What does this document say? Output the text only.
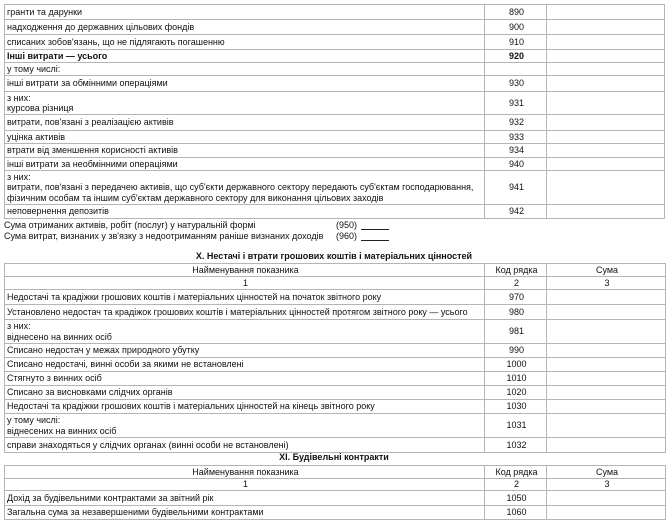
гранти та дарунки	890	
надходження до державних цільових фондів	900	
списаних зобов'язань, що не підлягають погашенню	910	
Інші витрати — усього	920	
у тому числі:		
інші витрати за обмінними операціями	930	

з них:
курсова різниця	931	
витрати, пов'язані з реалізацією активів	932	
уцінка активів	933	
втрати від зменшення корисності активів	934	
інші витрати за необмінними операціями	940	

з них:
витрати, пов'язані з передачею активів, що суб'єкти державного сектору передають суб'єктам господарювання,
фізичним особам та іншим суб'єктам державного сектору для виконання цільових заходів	941	
неповернення депозитів	942	
Сума отриманих активів, робіт (послуг) у натуральній формі	(950)
Сума витрат, визнаних у зв'язку з недоотриманням раніше визнаних доходів (960)
X. Нестачі і втрати грошових коштів і матеріальних цінностей
Найменування показника	Код рядка	Сума
1	2	3
Недостачі та крадіжки грошових коштів і матеріальних цінностей на початок звітного року	970	
Установлено недостач та крадіжок грошових коштів і матеріальних цінностей протягом звітного року — усього	980	

з них:
віднесено на винних осіб	981	
Списано недостач у межах природного убутку	990	
Списано недостачі, винні особи за якими не встановлені	1000	
Стягнуто з винних осіб	1010	
Списано за висновками слідчих органів	1020	
Недостачі та крадіжки грошових коштів і матеріальних цінностей на кінець звітного року	1030	

у тому числі:
віднесених на винних осіб	1031	
справи знаходяться у слідчих органах (винні особи не встановлені)	1032	
XI. Будівельні контракти
Найменування показника	Код рядка	Сума
1	2	3
Дохід за будівельними контрактами за звітний рік	1050	
Загальна сума за незавершеними будівельними контрактами	1060	
